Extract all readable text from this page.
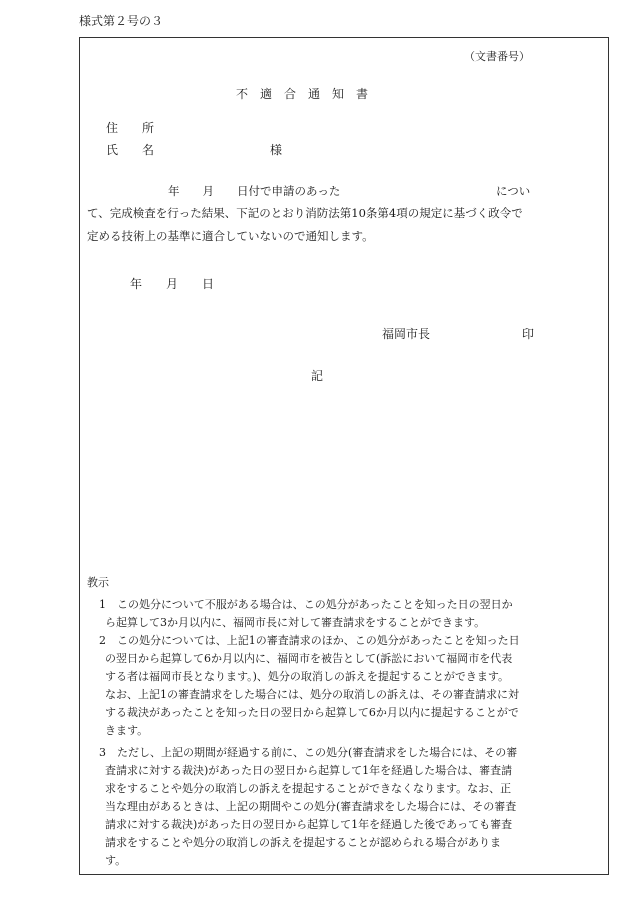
様式第２号の３
（文書番号）
不　適　合　通　知　書
住　　所
氏　　名	様
年　　月　　日付で申請のあった	につい
て、完成検査を行った結果、下記のとおり消防法第10条第4項の規定に基づく政令で
定める技術上の基準に適合していないので通知します。
年　　月　　日
福岡市長	印
記
教示
1 この処分について不服がある場合は、この処分があったことを知った日の翌日か
ら起算して3か月以内に、福岡市長に対して審査請求をすることができます。
2 この処分については、上記1の審査請求のほか、この処分があったことを知った日
の翌日から起算して6か月以内に、福岡市を被告として(訴訟において福岡市を代表
する者は福岡市長となります。)、処分の取消しの訴えを提起することができます。
なお、上記1の審査請求をした場合には、処分の取消しの訴えは、その審査請求に対
する裁決があったことを知った日の翌日から起算して6か月以内に提起することがで
きます。
3 ただし、上記の期間が経過する前に、この処分(審査請求をした場合には、その審
査請求に対する裁決)があった日の翌日から起算して1年を経過した場合は、審査請
求をすることや処分の取消しの訴えを提起することができなくなります。なお、正
当な理由があるときは、上記の期間やこの処分(審査請求をした場合には、その審査
請求に対する裁決)があった日の翌日から起算して1年を経過した後であっても審査
請求をすることや処分の取消しの訴えを提起することが認められる場合がありま
す。
